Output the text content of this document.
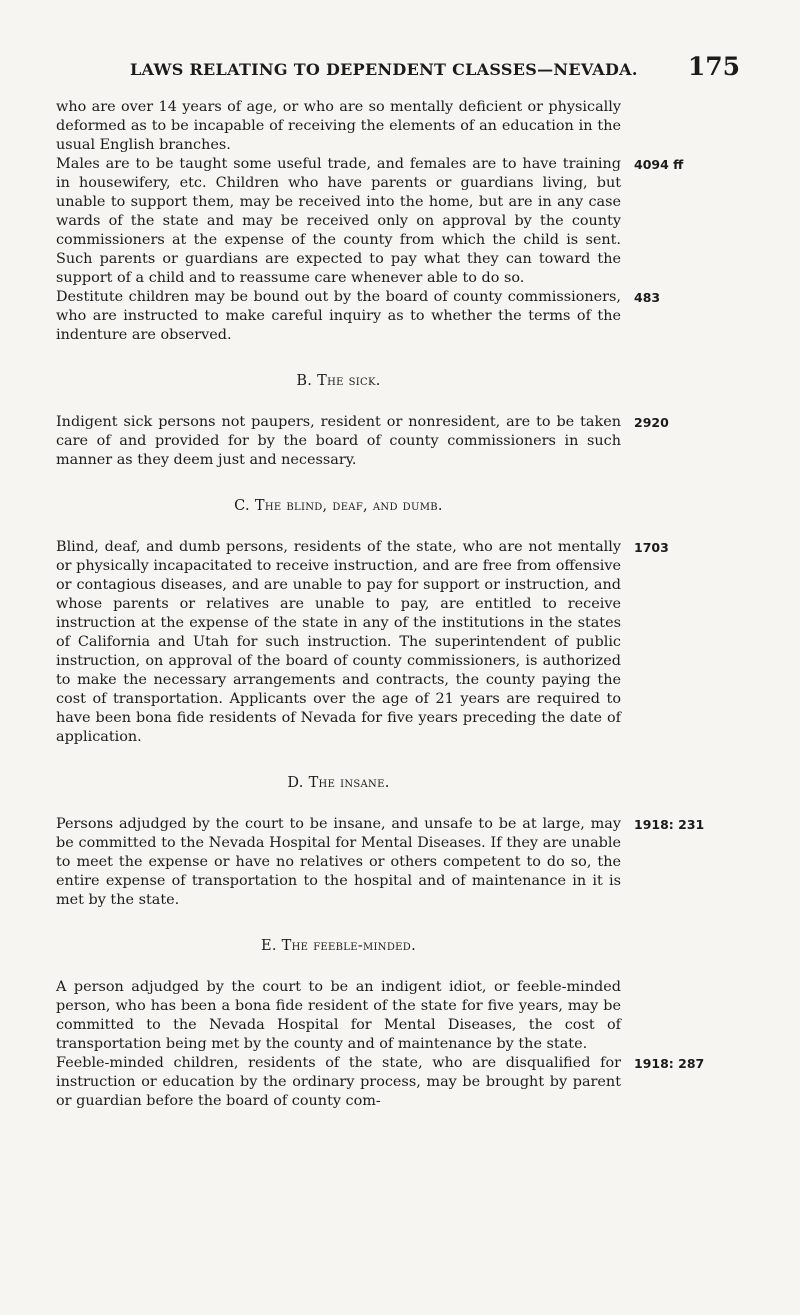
LAWS RELATING TO DEPENDENT CLASSES—NEVADA. 175

who are over 14 years of age, or who are so mentally deficient or physically deformed as to be incapable of receiving the elements of an education in the usual English branches.

4094 ff

Males are to be taught some useful trade, and females are to have training in housewifery, etc. Children who have parents or guardians living, but unable to support them, may be received into the home, but are in any case wards of the state and may be received only on approval by the county commissioners at the expense of the county from which the child is sent. Such parents or guardians are expected to pay what they can toward the support of a child and to reassume care whenever able to do so.

483

Destitute children may be bound out by the board of county commissioners, who are instructed to make careful inquiry as to whether the terms of the indenture are observed.

B. The sick.
2920

Indigent sick persons not paupers, resident or nonresident, are to be taken care of and provided for by the board of county commissioners in such manner as they deem just and necessary.

C. The blind, deaf, and dumb.
1703

Blind, deaf, and dumb persons, residents of the state, who are not mentally or physically incapacitated to receive instruction, and are free from offensive or contagious diseases, and are unable to pay for support or instruction, and whose parents or relatives are unable to pay, are entitled to receive instruction at the expense of the state in any of the institutions in the states of California and Utah for such instruction. The superintendent of public instruction, on approval of the board of county commissioners, is authorized to make the necessary arrangements and contracts, the county paying the cost of transportation. Applicants over the age of 21 years are required to have been bona fide residents of Nevada for five years preceding the date of application.

D. The insane.
1918: 231

Persons adjudged by the court to be insane, and unsafe to be at large, may be committed to the Nevada Hospital for Mental Diseases. If they are unable to meet the expense or have no relatives or others competent to do so, the entire expense of transportation to the hospital and of maintenance in it is met by the state.

E. The feeble-minded.

A person adjudged by the court to be an indigent idiot, or feeble-minded person, who has been a bona fide resident of the state for five years, may be committed to the Nevada Hospital for Mental Diseases, the cost of transportation being met by the county and of maintenance by the state.

1918: 287

Feeble-minded children, residents of the state, who are disqualified for instruction or education by the ordinary process, may be brought by parent or guardian before the board of county com-
